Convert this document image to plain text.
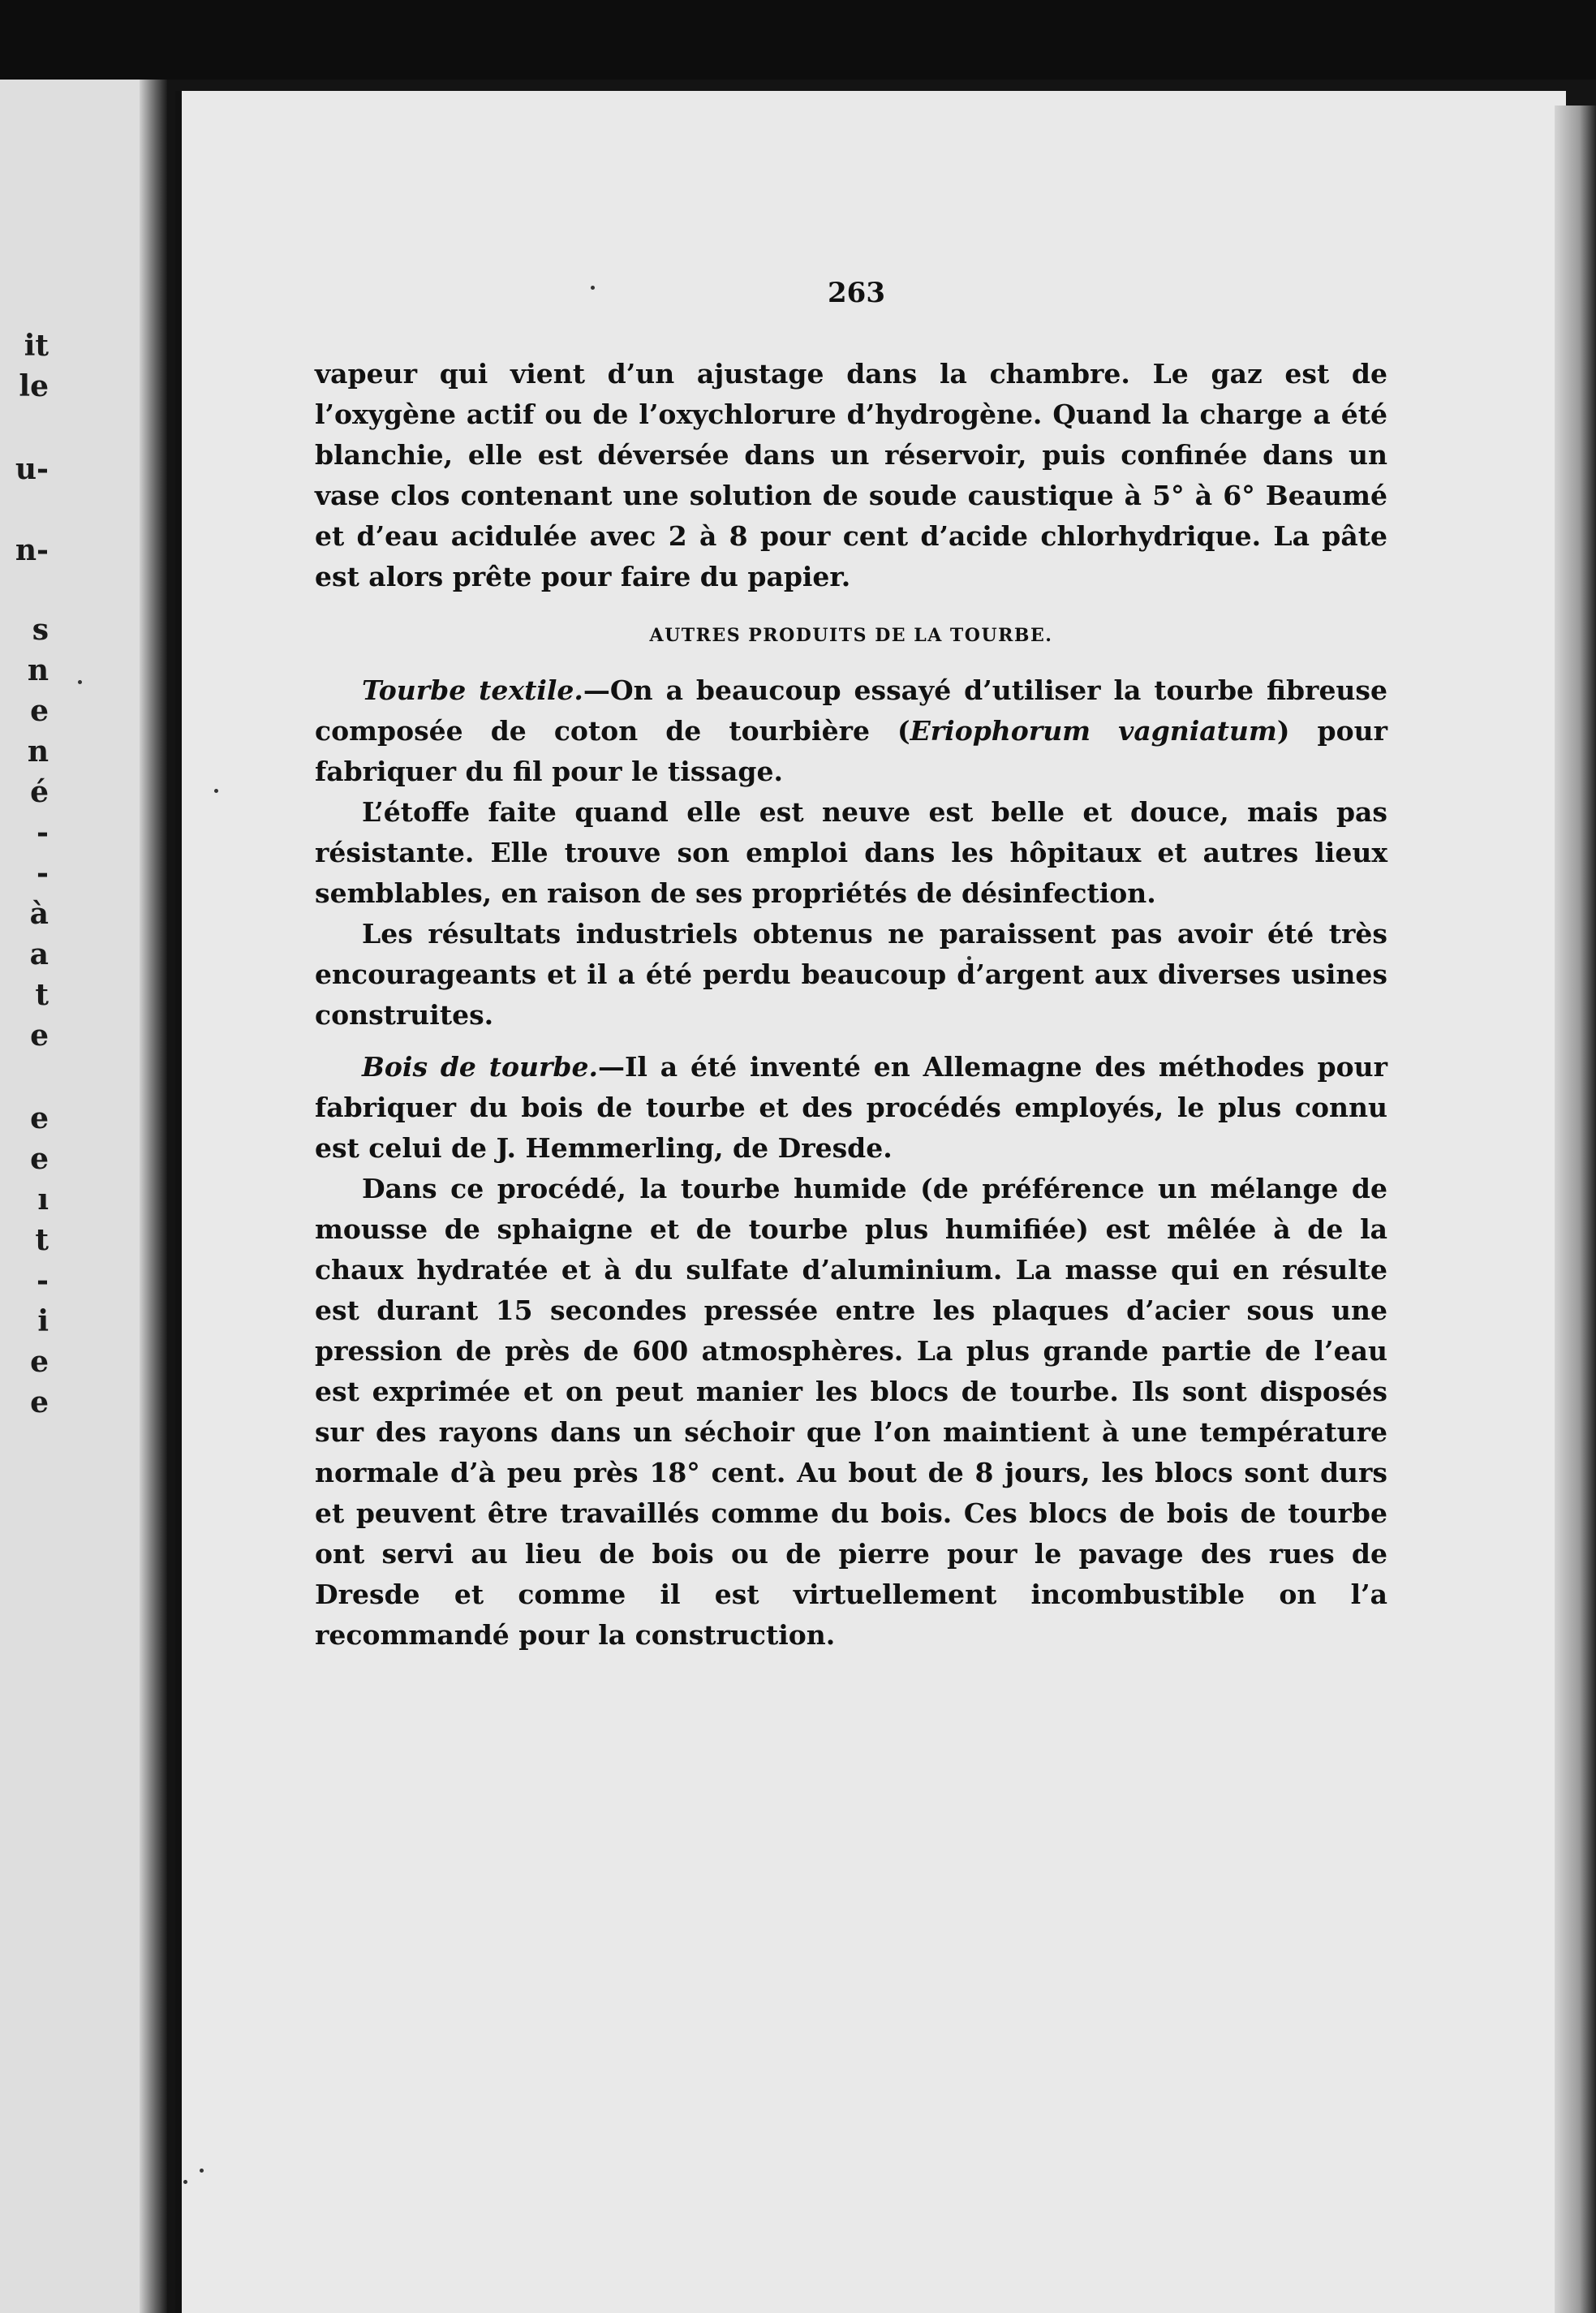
it
le
u-
n-
s
n
e
n
é
-
-
à
a
t
e
e
e
ı
t
-
i
e
e
263

vapeur qui vient d’un ajustage dans la chambre. Le gaz est de l’oxygène actif ou de l’oxychlorure d’hydrogène. Quand la charge a été blanchie, elle est déversée dans un réservoir, puis confinée dans un vase clos contenant une solution de soude caustique à 5° à 6° Beaumé et d’eau acidulée avec 2 à 8 pour cent d’acide chlorhydrique. La pâte est alors prête pour faire du papier.

AUTRES PRODUITS DE LA TOURBE.

Tourbe textile.—On a beaucoup essayé d’utiliser la tourbe fibreuse composée de coton de tourbière (Eriophorum vagniatum) pour fabriquer du fil pour le tissage.

L’étoffe faite quand elle est neuve est belle et douce, mais pas résistante. Elle trouve son emploi dans les hôpitaux et autres lieux semblables, en raison de ses propriétés de désinfection.

Les résultats industriels obtenus ne paraissent pas avoir été très encourageants et il a été perdu beaucoup d’argent aux diverses usines construites.

Bois de tourbe.—Il a été inventé en Allemagne des méthodes pour fabriquer du bois de tourbe et des procédés employés, le plus connu est celui de J. Hemmerling, de Dresde.

Dans ce procédé, la tourbe humide (de préférence un mélange de mousse de sphaigne et de tourbe plus humifiée) est mêlée à de la chaux hydratée et à du sulfate d’aluminium. La masse qui en résulte est durant 15 secondes pressée entre les plaques d’acier sous une pression de près de 600 atmosphères. La plus grande partie de l’eau est exprimée et on peut manier les blocs de tourbe. Ils sont disposés sur des rayons dans un séchoir que l’on maintient à une température normale d’à peu près 18° cent. Au bout de 8 jours, les blocs sont durs et peuvent être travaillés comme du bois. Ces blocs de bois de tourbe ont servi au lieu de bois ou de pierre pour le pavage des rues de Dresde et comme il est virtuellement incombustible on l’a recommandé pour la construction.
